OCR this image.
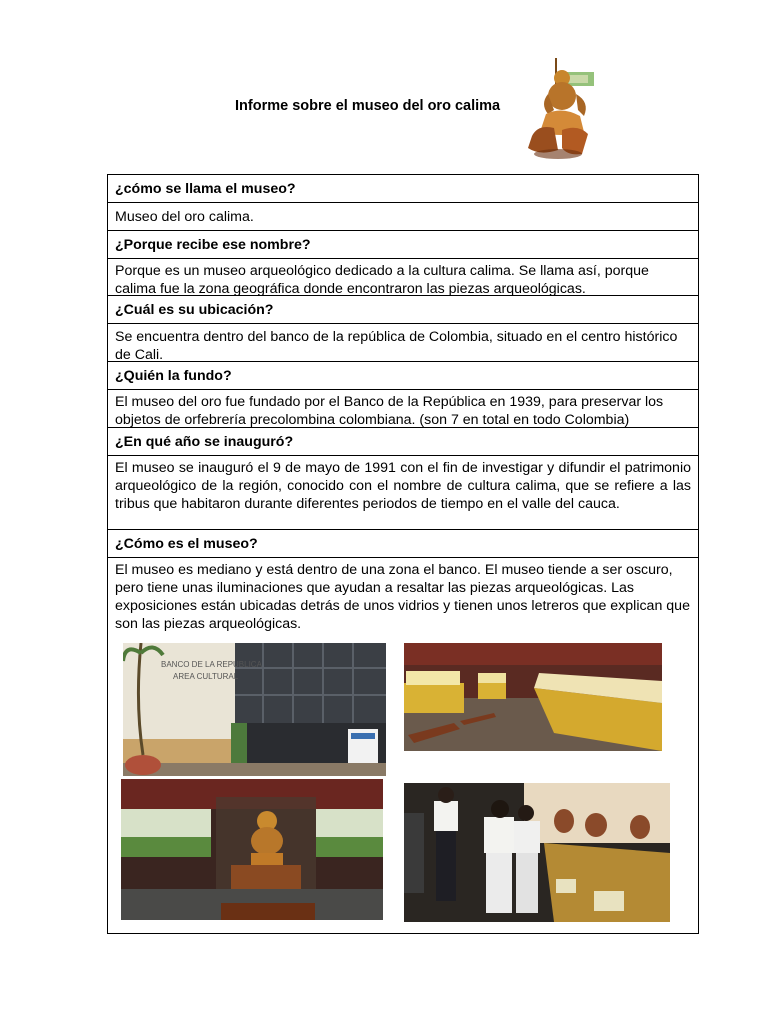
Informe sobre el museo del oro calima
¿cómo se llama el museo?
Museo del oro calima.
¿Porque recibe ese nombre?
Porque es un museo arqueológico dedicado a la cultura calima. Se llama así, porque calima fue la zona geográfica donde encontraron las piezas arqueológicas.
¿Cuál es su ubicación?
Se encuentra dentro del banco de la república de Colombia, situado en el centro histórico de Cali.
¿Quién la fundo?
El museo del oro fue fundado por el Banco de la República en 1939, para preservar los objetos de orfebrería precolombina colombiana. (son 7 en total en todo Colombia)
¿En qué año se inauguró?
El museo se inauguró el 9 de mayo de 1991 con el fin de investigar y difundir el patrimonio arqueológico de la región, conocido con el nombre de cultura calima, que se refiere a las tribus que habitaron durante diferentes periodos de tiempo en el valle del cauca.
¿Cómo es el museo?
El museo es mediano y está dentro de una zona el banco. El museo tiende a ser oscuro, pero tiene unas iluminaciones que ayudan a resaltar las piezas arqueológicas. Las exposiciones están ubicadas detrás de unos vidrios y tienen unos letreros que explican que son las piezas arqueológicas.
BANCO DE LA REPUBLICA
AREA CULTURAL
